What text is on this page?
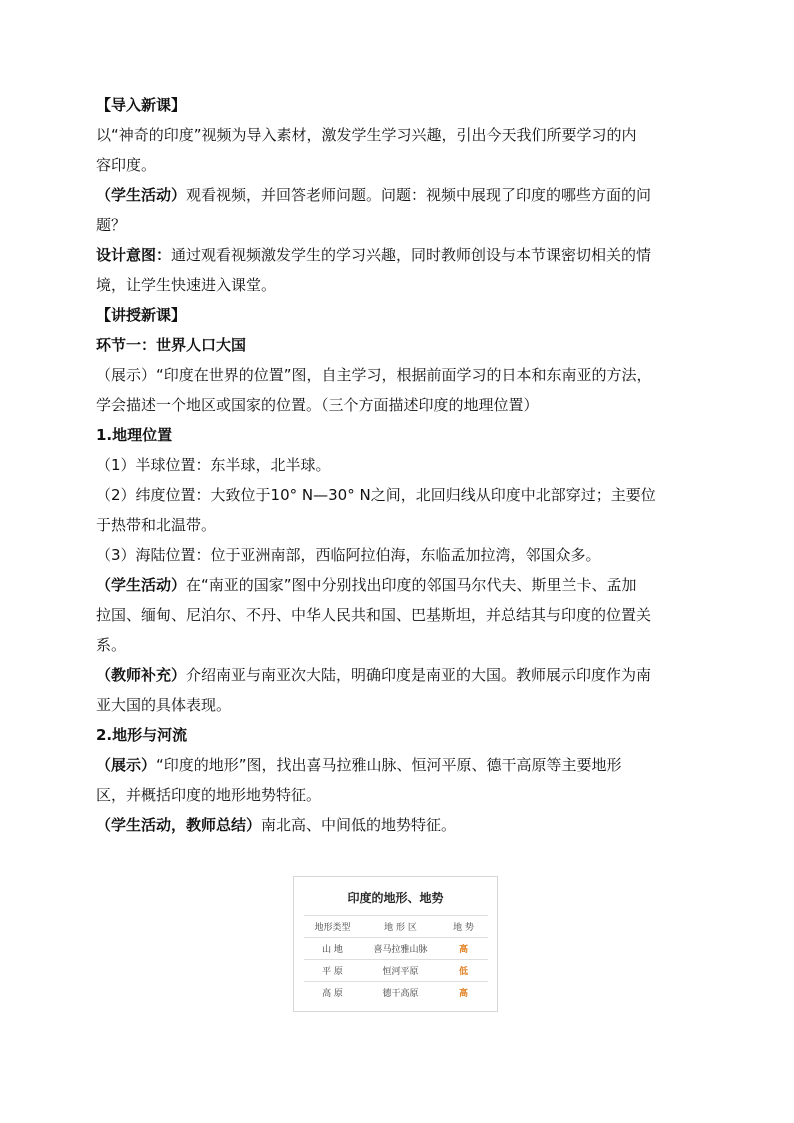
【导入新课】
以“神奇的印度”视频为导入素材，激发学生学习兴趣，引出今天我们所要学习的内
容印度。
（学生活动）观看视频，并回答老师问题。问题：视频中展现了印度的哪些方面的问
题？
设计意图：通过观看视频激发学生的学习兴趣，同时教师创设与本节课密切相关的情
境，让学生快速进入课堂。
【讲授新课】
环节一：世界人口大国
（展示）“印度在世界的位置”图，自主学习，根据前面学习的日本和东南亚的方法，
学会描述一个地区或国家的位置。（三个方面描述印度的地理位置）
1.地理位置
（1）半球位置：东半球，北半球。
（2）纬度位置：大致位于10° N—30° N之间，北回归线从印度中北部穿过；主要位
于热带和北温带。
（3）海陆位置：位于亚洲南部，西临阿拉伯海，东临孟加拉湾，邻国众多。
（学生活动）在“南亚的国家”图中分别找出印度的邻国马尔代夫、斯里兰卡、孟加
拉国、缅甸、尼泊尔、不丹、中华人民共和国、巴基斯坦，并总结其与印度的位置关
系。
（教师补充）介绍南亚与南亚次大陆，明确印度是南亚的大国。教师展示印度作为南
亚大国的具体表现。
2.地形与河流
（展示）“印度的地形”图，找出喜马拉雅山脉、恒河平原、德干高原等主要地形
区，并概括印度的地形地势特征。
（学生活动，教师总结）南北高、中间低的地势特征。
印度的地形、地势
地形类型	地 形 区	地 势
山 地	喜马拉雅山脉	高
平 原	恒河平原	低
高 原	德干高原	高
